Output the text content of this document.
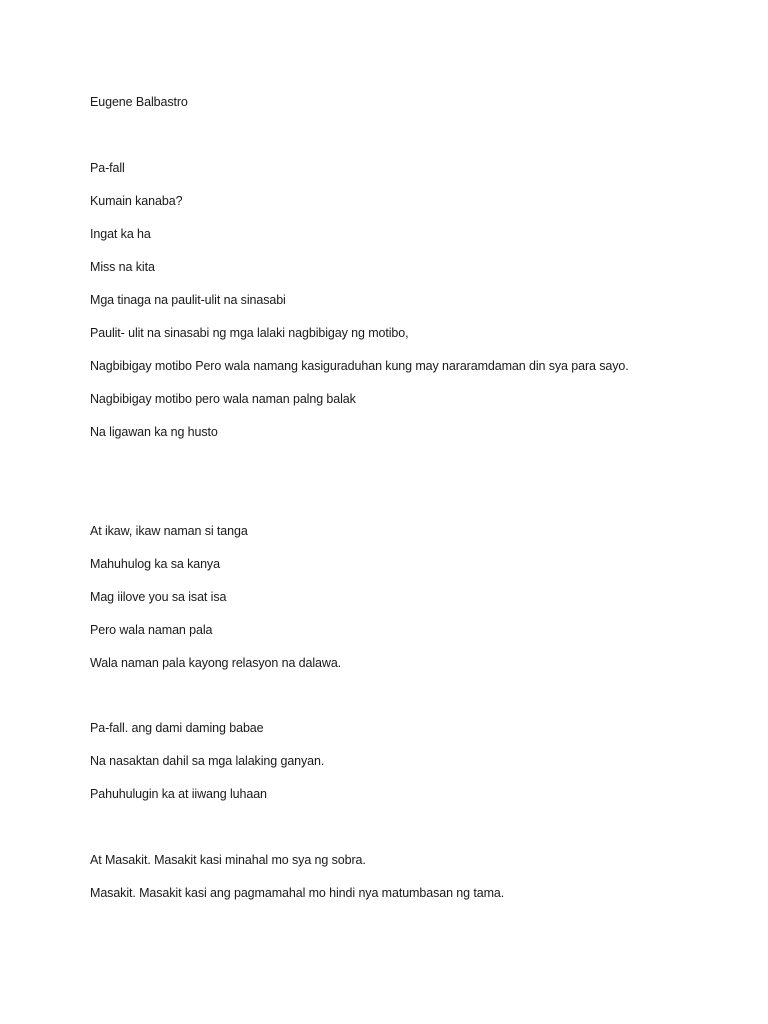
Eugene Balbastro
Pa-fall
Kumain kanaba?
Ingat ka ha
Miss na kita
Mga tinaga na paulit-ulit na sinasabi
Paulit- ulit na sinasabi ng mga lalaki nagbibigay ng motibo,
Nagbibigay motibo Pero wala namang kasiguraduhan kung may nararamdaman din sya para sayo.
Nagbibigay motibo pero wala naman palng balak
Na ligawan ka ng husto
At ikaw, ikaw naman si tanga
Mahuhulog ka sa kanya
Mag iilove you sa isat isa
Pero wala naman pala
Wala naman pala kayong relasyon na dalawa.
Pa-fall. ang dami daming babae
Na nasaktan dahil sa mga lalaking ganyan.
Pahuhulugin ka at iiwang luhaan
At Masakit. Masakit kasi minahal mo sya ng sobra.
Masakit. Masakit kasi ang pagmamahal mo hindi nya matumbasan ng tama.
